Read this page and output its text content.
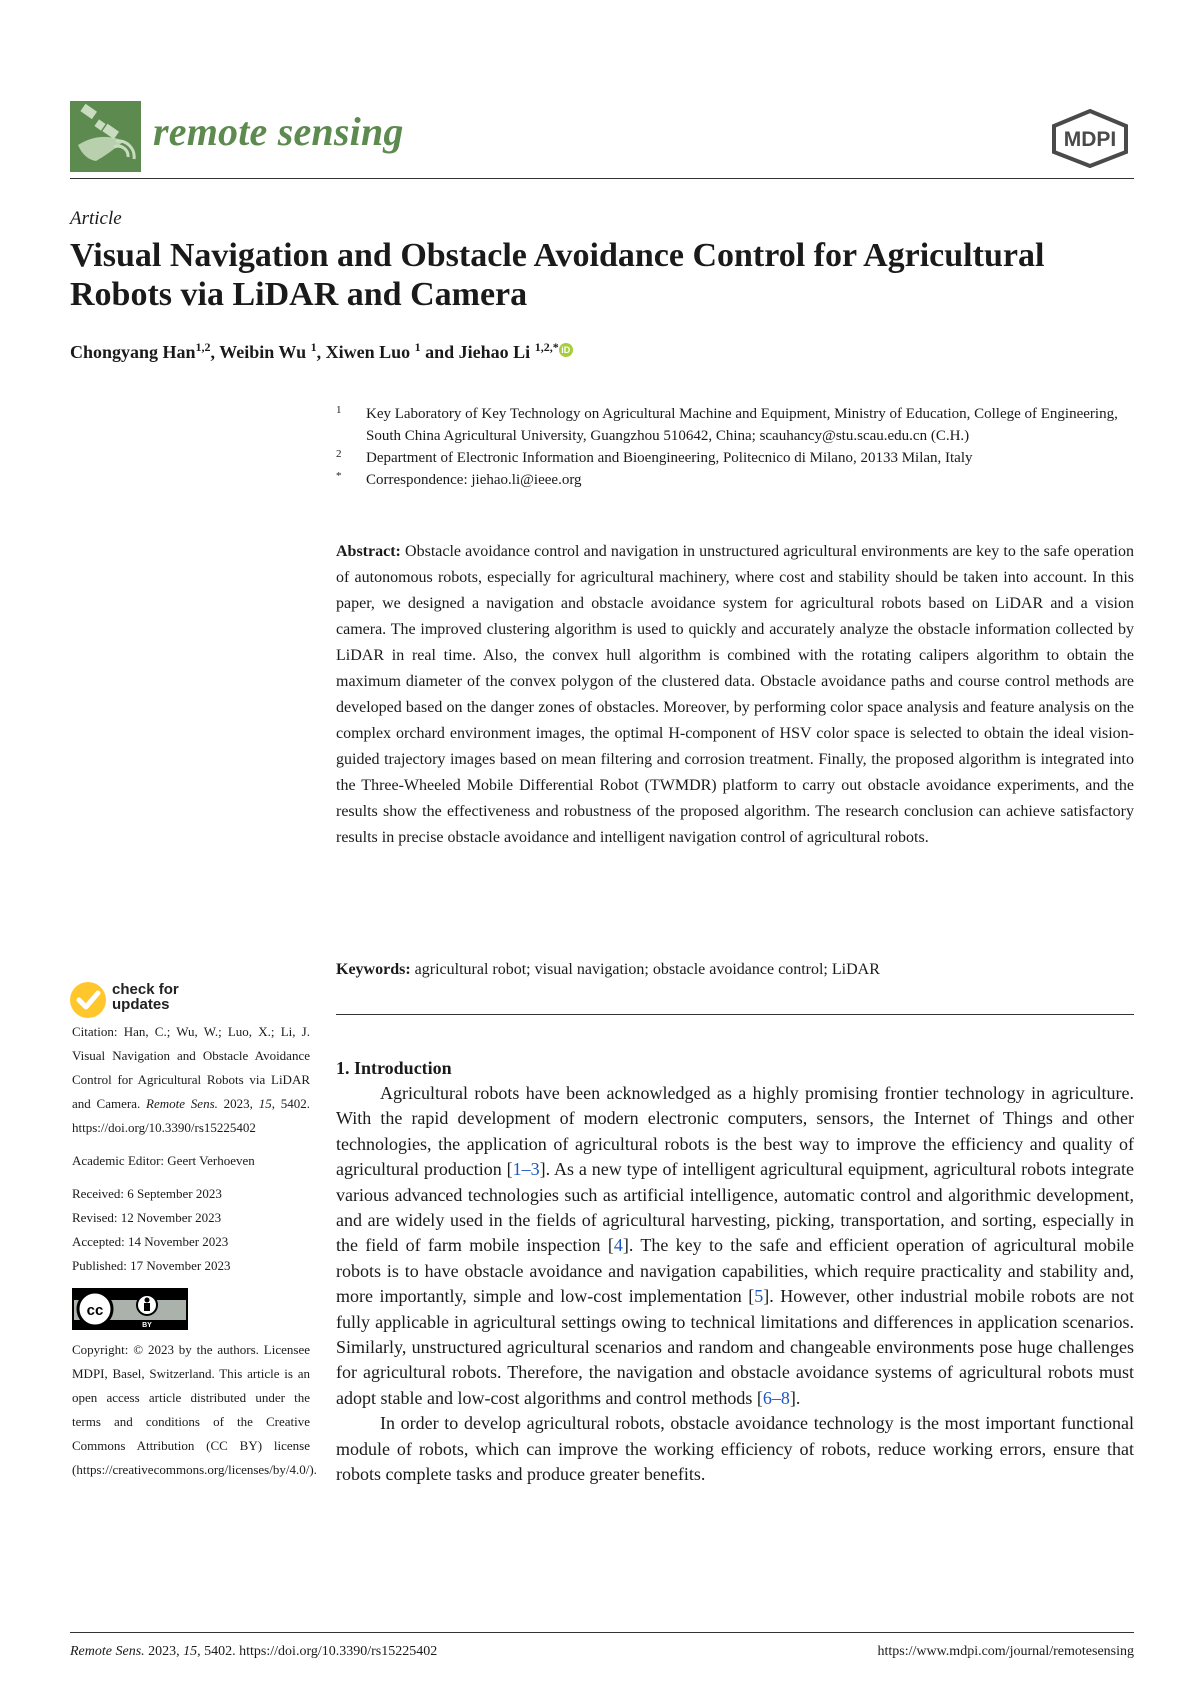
remote sensing	MDPI
Article
Visual Navigation and Obstacle Avoidance Control for Agricultural Robots via LiDAR and Camera
Chongyang Han$^{1,2}$, Weibin Wu $^1$, Xiwen Luo $^1$ and Jiehao Li $^{1,2,*}$ iD
1 Key Laboratory of Key Technology on Agricultural Machine and Equipment, Ministry of Education, College of Engineering, South China Agricultural University, Guangzhou 510642, China; scauhancy@stu.scau.edu.cn (C.H.)
2 Department of Electronic Information and Bioengineering, Politecnico di Milano, 20133 Milan, Italy
* Correspondence: jiehao.li@ieee.org

Abstract: Obstacle avoidance control and navigation in unstructured agricultural environments are key to the safe operation of autonomous robots, especially for agricultural machinery, where cost and stability should be taken into account. In this paper, we designed a navigation and obstacle avoidance system for agricultural robots based on LiDAR and a vision camera. The improved clustering algorithm is used to quickly and accurately analyze the obstacle information collected by LiDAR in real time. Also, the convex hull algorithm is combined with the rotating calipers algorithm to obtain the maximum diameter of the convex polygon of the clustered data. Obstacle avoidance paths and course control methods are developed based on the danger zones of obstacles. Moreover, by performing color space analysis and feature analysis on the complex orchard environment images, the optimal H-component of HSV color space is selected to obtain the ideal vision-guided trajectory images based on mean filtering and corrosion treatment. Finally, the proposed algorithm is integrated into the Three-Wheeled Mobile Differential Robot (TWMDR) platform to carry out obstacle avoidance experiments, and the results show the effectiveness and robustness of the proposed algorithm. The research conclusion can achieve satisfactory results in precise obstacle avoidance and intelligent navigation control of agricultural robots.

Keywords: agricultural robot; visual navigation; obstacle avoidance control; LiDAR

check for
updates

Citation: Han, C.; Wu, W.; Luo, X.; Li, J. Visual Navigation and Obstacle Avoidance Control for Agricultural Robots via LiDAR and Camera. Remote Sens. 2023, 15, 5402. https://doi.org/10.3390/rs15225402

Academic Editor: Geert Verhoeven

Received: 6 September 2023

Revised: 12 November 2023

Accepted: 14 November 2023

Published: 17 November 2023

cc
BY

Copyright: © 2023 by the authors. Licensee MDPI, Basel, Switzerland. This article is an open access article distributed under the terms and conditions of the Creative Commons Attribution (CC BY) license (https://creativecommons.org/licenses/by/4.0/).

1. Introduction

Agricultural robots have been acknowledged as a highly promising frontier technology in agriculture. With the rapid development of modern electronic computers, sensors, the Internet of Things and other technologies, the application of agricultural robots is the best way to improve the efficiency and quality of agricultural production [1–3]. As a new type of intelligent agricultural equipment, agricultural robots integrate various advanced technologies such as artificial intelligence, automatic control and algorithmic development, and are widely used in the fields of agricultural harvesting, picking, transportation, and sorting, especially in the field of farm mobile inspection [4]. The key to the safe and efficient operation of agricultural mobile robots is to have obstacle avoidance and navigation capabilities, which require practicality and stability and, more importantly, simple and low-cost implementation [5]. However, other industrial mobile robots are not fully applicable in agricultural settings owing to technical limitations and differences in application scenarios. Similarly, unstructured agricultural scenarios and random and changeable environments pose huge challenges for agricultural robots. Therefore, the navigation and obstacle avoidance systems of agricultural robots must adopt stable and low-cost algorithms and control methods [6–8].

In order to develop agricultural robots, obstacle avoidance technology is the most important functional module of robots, which can improve the working efficiency of robots, reduce working errors, ensure that robots complete tasks and produce greater benefits.

Remote Sens. 2023, 15, 5402. https://doi.org/10.3390/rs15225402	https://www.mdpi.com/journal/remotesensing
